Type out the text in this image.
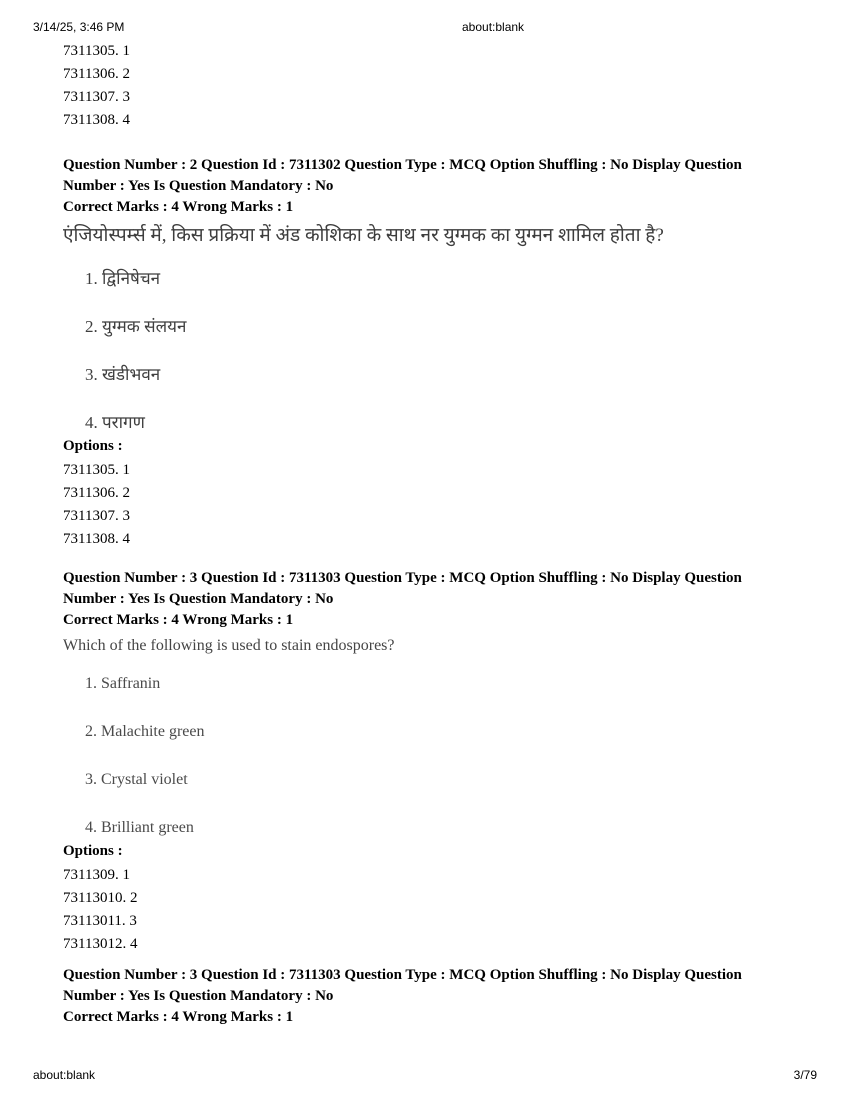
3/14/25, 3:46 PM	about:blank
7311305. 1
7311306. 2
7311307. 3
7311308. 4

Question Number : 2 Question Id : 7311302 Question Type : MCQ Option Shuffling : No Display Question Number : Yes Is Question Mandatory : No

Correct Marks : 4 Wrong Marks : 1

एंजियोस्पर्म्स में, किस प्रक्रिया में अंड कोशिका के साथ नर युग्मक का युग्मन शामिल होता है?

1. द्विनिषेचन
2. युग्मक संलयन
3. खंडीभवन
4. परागण

Options :

7311305. 1
7311306. 2
7311307. 3
7311308. 4

Question Number : 3 Question Id : 7311303 Question Type : MCQ Option Shuffling : No Display Question Number : Yes Is Question Mandatory : No

Correct Marks : 4 Wrong Marks : 1

Which of the following is used to stain endospores?

1. Saffranin
2. Malachite green
3. Crystal violet
4. Brilliant green

Options :

7311309. 1
73113010. 2
73113011. 3
73113012. 4

Question Number : 3 Question Id : 7311303 Question Type : MCQ Option Shuffling : No Display Question Number : Yes Is Question Mandatory : No

Correct Marks : 4 Wrong Marks : 1

about:blank	3/79
